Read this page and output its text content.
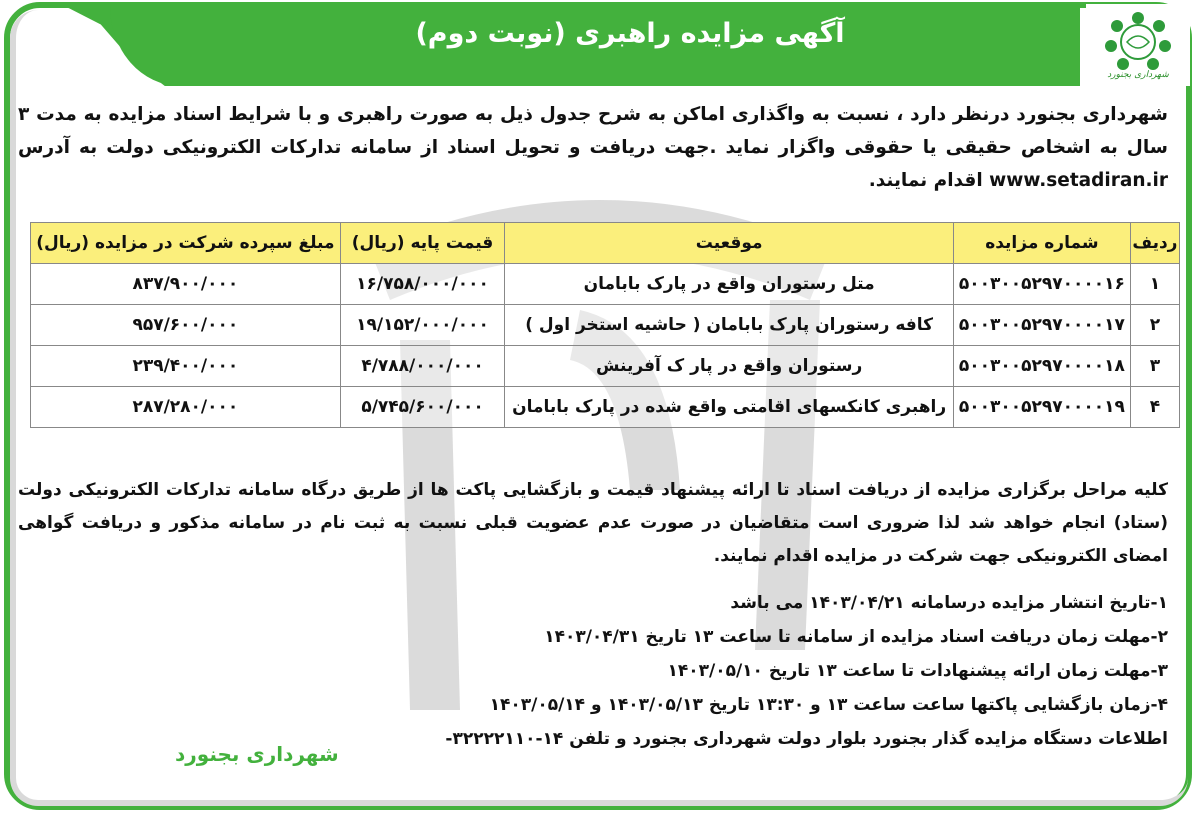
آگهی مزایده راهبری (نوبت دوم)
شهرداری بجنورد
شهرداری بجنورد درنظر دارد ، نسبت به واگذاری اماکن به شرح جدول ذیل به صورت راهبری و با شرایط اسناد مزایده به مدت ۳ سال به اشخاص حقیقی یا حقوقی واگزار نماید .جهت دریافت و تحویل اسناد از سامانه تدارکات الکترونیکی دولت به آدرس www.setadiran.ir اقدام نمایند.
ردیف	شماره مزایده	موقعیت	قیمت پایه (ریال)	مبلغ سپرده شرکت در مزایده (ریال)
۱	۵۰۰۳۰۰۵۲۹۷۰۰۰۰۱۶	متل رستوران واقع در پارک بابامان	۱۶/۷۵۸/۰۰۰/۰۰۰	۸۳۷/۹۰۰/۰۰۰
۲	۵۰۰۳۰۰۵۲۹۷۰۰۰۰۱۷	کافه رستوران پارک بابامان ( حاشیه استخر اول )	۱۹/۱۵۲/۰۰۰/۰۰۰	۹۵۷/۶۰۰/۰۰۰
۳	۵۰۰۳۰۰۵۲۹۷۰۰۰۰۱۸	رستوران واقع در پار ک آفرینش	۴/۷۸۸/۰۰۰/۰۰۰	۲۳۹/۴۰۰/۰۰۰
۴	۵۰۰۳۰۰۵۲۹۷۰۰۰۰۱۹	راهبری کانکسهای اقامتی واقع شده در پارک بابامان	۵/۷۴۵/۶۰۰/۰۰۰	۲۸۷/۲۸۰/۰۰۰
کلیه مراحل برگزاری مزایده از دریافت اسناد تا ارائه پیشنهاد قیمت و بازگشایی پاکت ها از طریق درگاه سامانه تدارکات الکترونیکی دولت (ستاد) انجام خواهد شد لذا ضروری است متقاضیان در صورت عدم عضویت قبلی نسبت به ثبت نام در سامانه مذکور و دریافت گواهی امضای الکترونیکی جهت شرکت در مزایده اقدام نمایند.
۱-تاریخ انتشار مزایده درسامانه ۱۴۰۳/۰۴/۲۱ می باشد
۲-مهلت زمان دریافت اسناد مزایده از سامانه تا ساعت ۱۳ تاریخ ۱۴۰۳/۰۴/۳۱
۳-مهلت زمان ارائه پیشنهادات تا ساعت ۱۳ تاریخ ۱۴۰۳/۰۵/۱۰
۴-زمان بازگشایی پاکتها ساعت ساعت ۱۳ و ۱۳:۳۰ تاریخ ۱۴۰۳/۰۵/۱۳ و ۱۴۰۳/۰۵/۱۴
اطلاعات دستگاه مزایده گذار بجنورد بلوار دولت شهرداری بجنورد و تلفن ۱۴-۳۲۲۲۲۱۱۰-
شهرداری بجنورد
